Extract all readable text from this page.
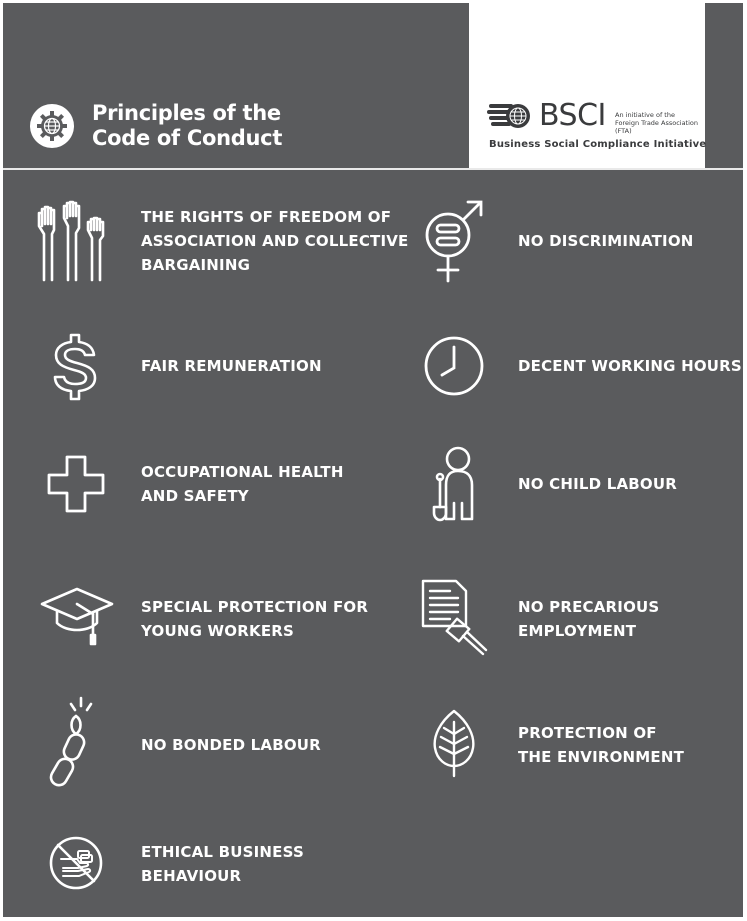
Principles of the
Code of Conduct
BSCI An initiative of the Foreign Trade Association (FTA)
Business Social Compliance Initiative
THE RIGHTS OF FREEDOM OF
ASSOCIATION AND COLLECTIVE
BARGAINING
NO DISCRIMINATION
FAIR REMUNERATION	DECENT WORKING HOURS
OCCUPATIONAL HEALTH
AND SAFETY
NO CHILD LABOUR
SPECIAL PROTECTION FOR
YOUNG WORKERS
NO PRECARIOUS
EMPLOYMENT
NO BONDED LABOUR
PROTECTION OF
THE ENVIRONMENT
ETHICAL BUSINESS
BEHAVIOUR
